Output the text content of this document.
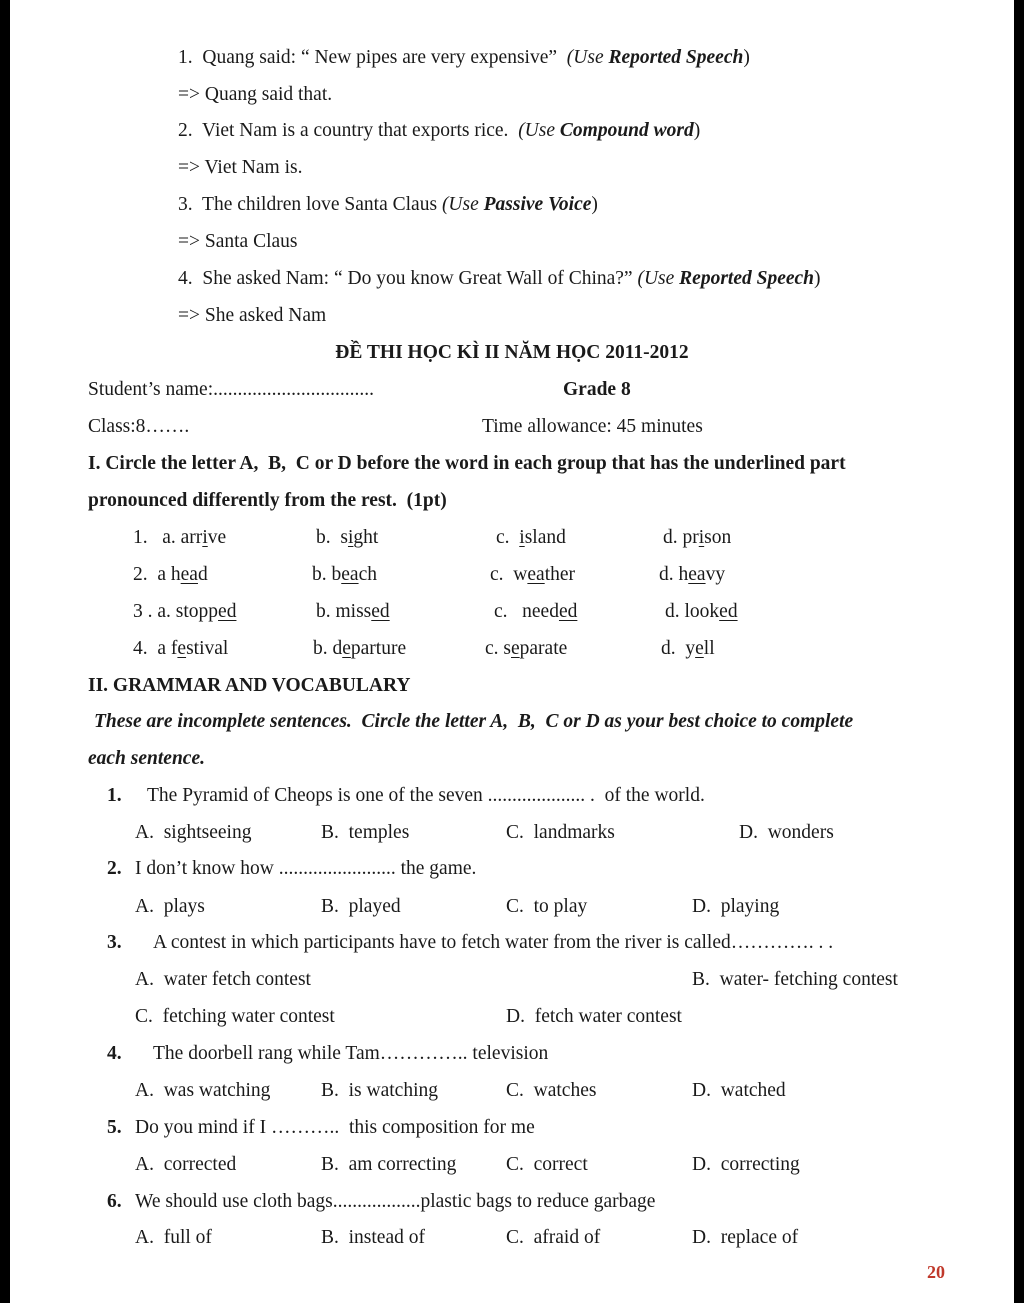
1. Quang said: “ New pipes are very expensive” (Use Reported Speech)
=> Quang said that.
2. Viet Nam is a country that exports rice. (Use Compound word)
=> Viet Nam is.
3. The children love Santa Claus (Use Passive Voice)
=> Santa Claus
4. She asked Nam: “ Do you know Great Wall of China?” (Use Reported Speech)
=> She asked Nam
ĐỀ THI HỌC KÌ II NĂM HỌC 2011-2012
Student’s name:.................................	Grade 8
Class:8…….	Time allowance: 45 minutes
I. Circle the letter A,  B,  C or D before the word in each group that has the underlined part
pronounced differently from the rest.  (1pt)
1.   a. arrive	b.  sight	c.  island	d. prison
2.  a head	b. beach	c.  weather	d. heavy
3 . a. stopped	b. missed	c.   needed	d. looked
4.  a festival	b. departure	c. separate	d.  yell
II. GRAMMAR AND VOCABULARY
These are incomplete sentences.  Circle the letter A,  B,  C or D as your best choice to complete
each sentence.
1. The Pyramid of Cheops is one of the seven .................... .  of the world.
A.  sightseeing	B.  temples	C.  landmarks	D.  wonders
2. I don’t know how ........................ the game.
A.  plays	B.  played	C.  to play	D.  playing
3. A contest in which participants have to fetch water from the river is called…………. . .
A.  water fetch contest	B.  water- fetching contest
C.  fetching water contest	D.  fetch water contest
4. The doorbell rang while Tam………….. television
A.  was watching	B.  is watching	C.  watches	D.  watched
5. Do you mind if I ………..  this composition for me
A.  corrected	B.  am correcting	C.  correct	D.  correcting
6. We should use cloth bags..................plastic bags to reduce garbage
A.  full of	B.  instead of	C.  afraid of	D.  replace of
20
